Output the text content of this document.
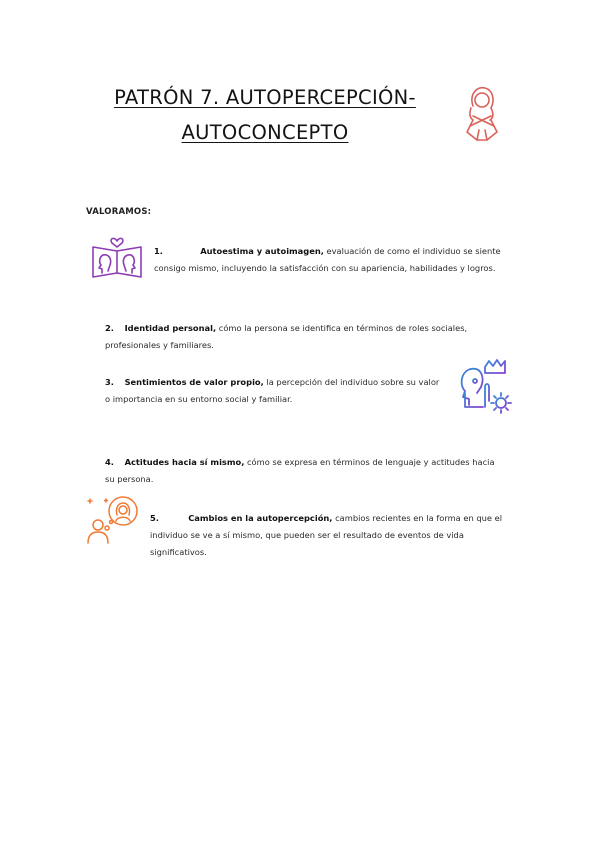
PATRÓN 7. AUTOPERCEPCIÓN-
AUTOCONCEPTO
VALORAMOS:
1.	Autoestima y autoimagen, evaluación de como el individuo se siente consigo mismo, incluyendo la satisfacción con su apariencia, habilidades y logros.
2. Identidad personal, cómo la persona se identifica en términos de roles sociales, profesionales y familiares.
3. Sentimientos de valor propio, la percepción del individuo sobre su valor o importancia en su entorno social y familiar.
4. Actitudes hacia sí mismo, cómo se expresa en términos de lenguaje y actitudes hacia su persona.
5.	Cambios en la autopercepción, cambios recientes en la forma en que el individuo se ve a sí mismo, que pueden ser el resultado de eventos de vida significativos.
